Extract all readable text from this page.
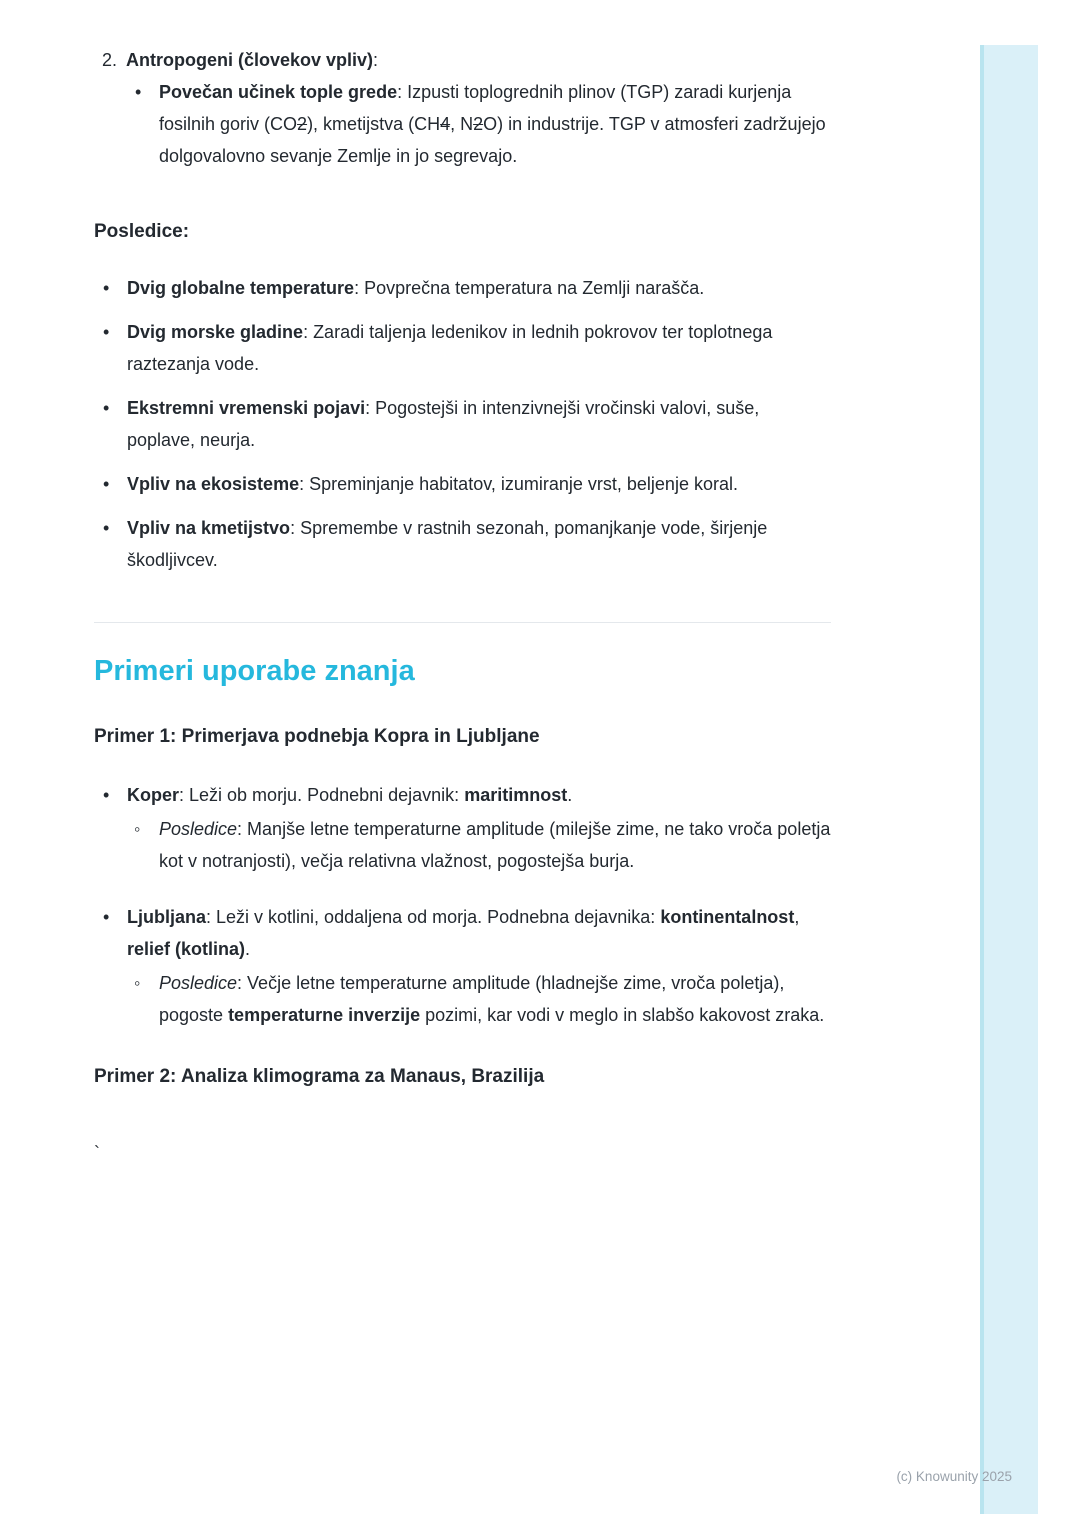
2. Antropogeni (človekov vpliv):
• Povečan učinek tople grede: Izpusti toplogrednih plinov (TGP) zaradi kurjenja fosilnih goriv (CO2), kmetijstva (CH4, N2O) in industrije. TGP v atmosferi zadržujejo dolgovalovno sevanje Zemlje in jo segrevajo.
Posledice:
• Dvig globalne temperature: Povprečna temperatura na Zemlji narašča.
• Dvig morske gladine: Zaradi taljenja ledenikov in lednih pokrovov ter toplotnega raztezanja vode.
• Ekstremni vremenski pojavi: Pogostejši in intenzivnejši vročinski valovi, suše, poplave, neurja.
• Vpliv na ekosisteme: Spreminjanje habitatov, izumiranje vrst, beljenje koral.
• Vpliv na kmetijstvo: Spremembe v rastnih sezonah, pomanjkanje vode, širjenje škodljivcev.
Primeri uporabe znanja
Primer 1: Primerjava podnebja Kopra in Ljubljane
• Koper: Leži ob morju. Podnebni dejavnik: maritimnost.
◦ Posledice: Manjše letne temperaturne amplitude (milejše zime, ne tako vroča poletja kot v notranjosti), večja relativna vlažnost, pogostejša burja.
• Ljubljana: Leži v kotlini, oddaljena od morja. Podnebna dejavnika: kontinentalnost, relief (kotlina).
◦ Posledice: Večje letne temperaturne amplitude (hladnejše zime, vroča poletja), pogoste temperaturne inverzije pozimi, kar vodi v meglo in slabšo kakovost zraka.
Primer 2: Analiza klimograma za Manaus, Brazilija
`
(c) Knowunity 2025
